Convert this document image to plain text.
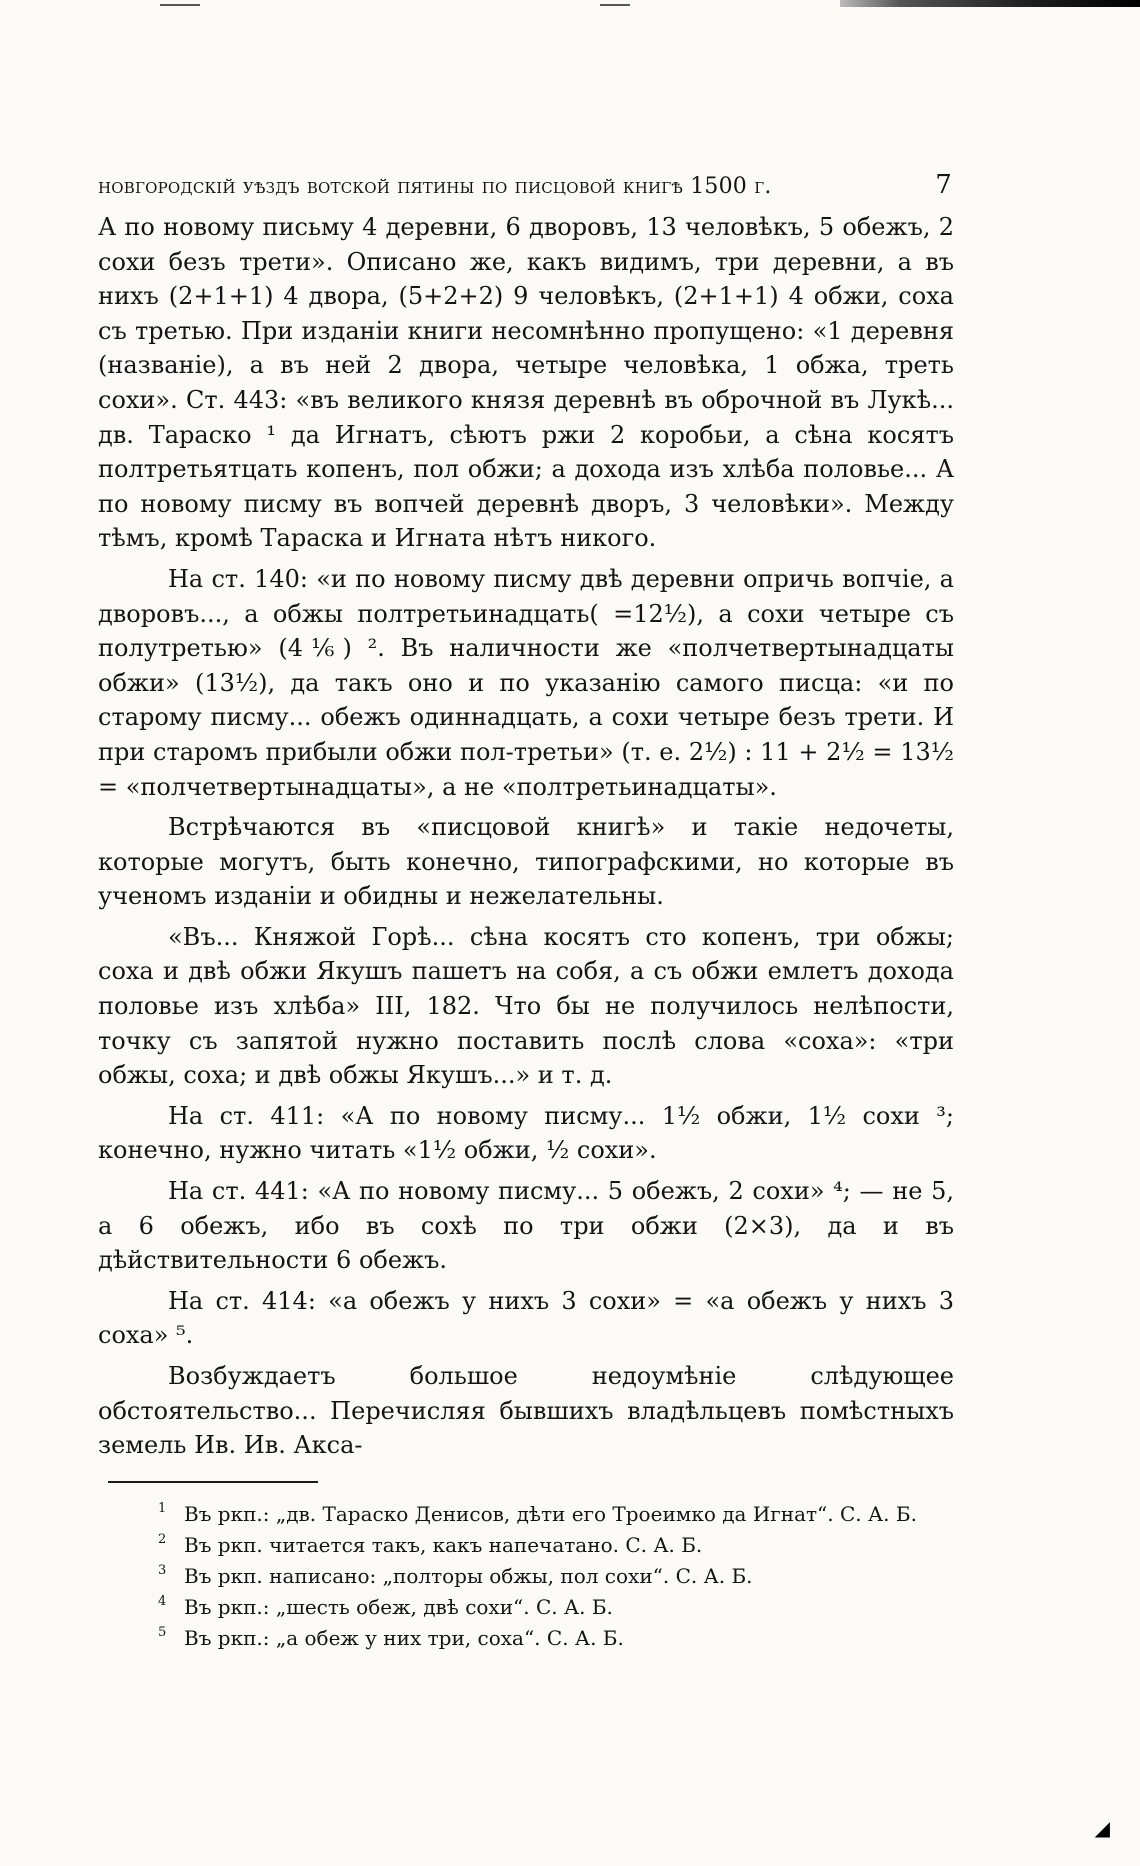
новгородскій уѣздъ вотской пятины по писцовой книгѣ 1500 г.	7

А по новому письму 4 деревни, 6 дворовъ, 13 человѣкъ, 5 обежъ, 2 сохи безъ трети». Описано же, какъ видимъ, три деревни, а въ нихъ (2+1+1) 4 двора, (5+2+2) 9 человѣкъ, (2+1+1) 4 обжи, соха съ третью. При изданіи книги несомнѣнно пропущено: «1 деревня (названіе), а въ ней 2 двора, четыре человѣка, 1 обжа, треть сохи». Ст. 443: «въ великого князя деревнѣ въ оброчной въ Лукѣ... дв. Тараско ¹ да Игнатъ, сѣютъ ржи 2 коробьи, а сѣна косятъ полтретьятцать копенъ, пол обжи; а дохода изъ хлѣба половье... А по новому писму въ вопчей деревнѣ дворъ, 3 человѣки». Между тѣмъ, кромѣ Тараска и Игната нѣтъ никого.

На ст. 140: «и по новому писму двѣ деревни опричь вопчіе, а дворовъ..., а обжы полтретьинадцать( =12½), а сохи четыре съ полутретью» (4⅙) ². Въ наличности же «полчетвертынадцаты обжи» (13½), да такъ оно и по указанію самого писца: «и по старому писму... обежъ одиннадцать, а сохи четыре безъ трети. И при старомъ прибыли обжи пол-третьи» (т. е. 2½) : 11 + 2½ = 13½ = «полчетвертынадцаты», а не «полтретьинадцаты».

Встрѣчаются въ «писцовой книгѣ» и такіе недочеты, которые могутъ, быть конечно, типографскими, но которые въ ученомъ изданіи и обидны и нежелательны.

«Въ... Княжой Горѣ... сѣна косятъ сто копенъ, три обжы; соха и двѣ обжи Якушъ пашетъ на собя, а съ обжи емлетъ дохода половье изъ хлѣба» III, 182. Что бы не получилось нелѣпости, точку съ запятой нужно поставить послѣ слова «соха»: «три обжы, соха; и двѣ обжы Якушъ...» и т. д.

На ст. 411: «А по новому писму... 1½ обжи, 1½ сохи ³; конечно, нужно читать «1½ обжи, ½ сохи».

На ст. 441: «А по новому писму... 5 обежъ, 2 сохи» ⁴; — не 5, а 6 обежъ, ибо въ сохѣ по три обжи (2×3), да и въ дѣйствительности 6 обежъ.

На ст. 414: «а обежъ у нихъ 3 сохи» = «а обежъ у нихъ 3 соха» ⁵.

Возбуждаетъ большое недоумѣніе слѣдующее обстоятельство... Перечисляя бывшихъ владѣльцевъ помѣстныхъ земель Ив. Ив. Акса-

1 Въ ркп.: „дв. Тараско Денисов, дѣти его Троеимко да Игнат“. С. А. Б.
2 Въ ркп. читается такъ, какъ напечатано. С. А. Б.
3 Въ ркп. написано: „полторы обжы, пол сохи“. С. А. Б.
4 Въ ркп.: „шесть обеж, двѣ сохи“. С. А. Б.
5 Въ ркп.: „а обеж у них три, соха“. С. А. Б.
◢
